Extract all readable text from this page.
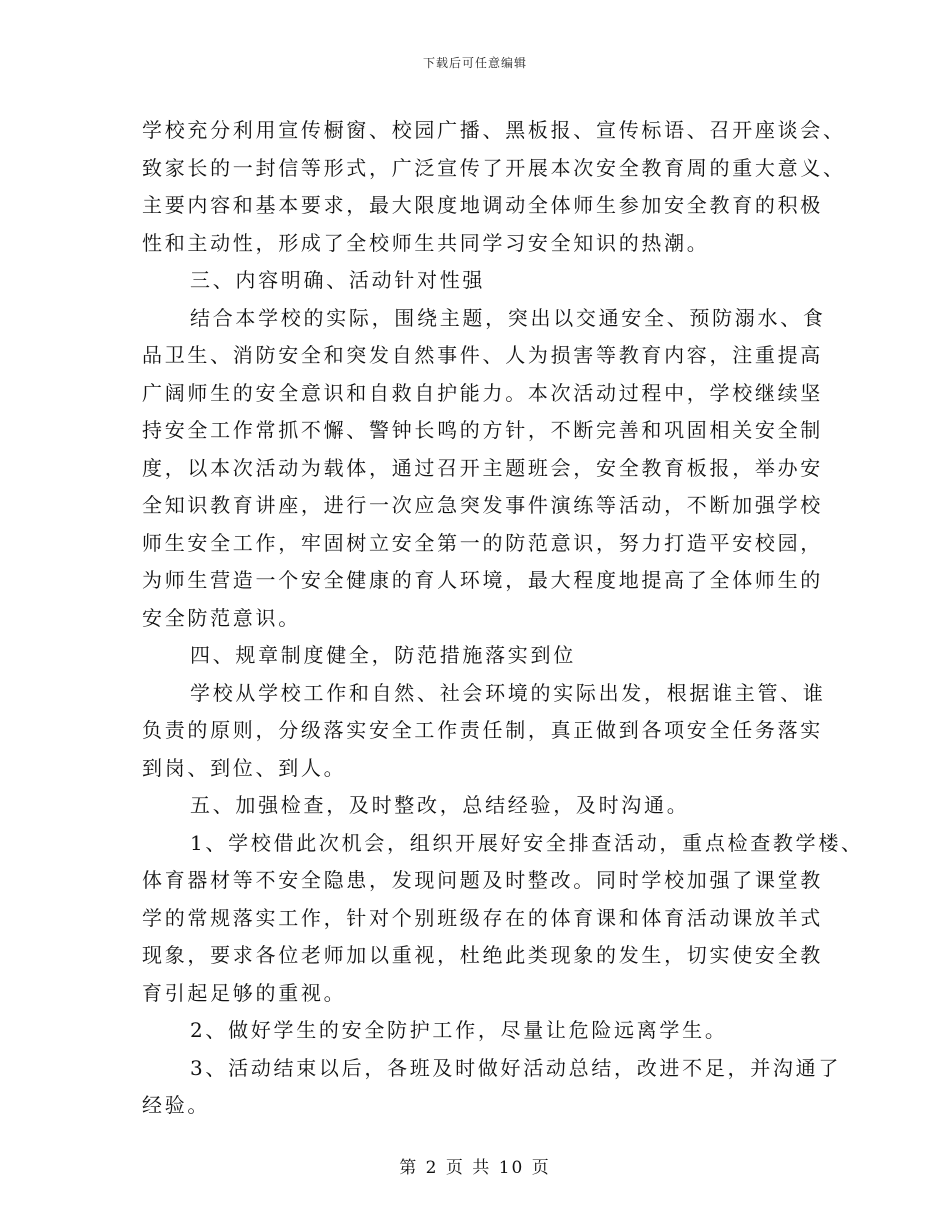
下载后可任意编辑
学校充分利用宣传橱窗、校园广播、黑板报、宣传标语、召开座谈会、
致家长的一封信等形式，广泛宣传了开展本次安全教育周的重大意义、
主要内容和基本要求，最大限度地调动全体师生参加安全教育的积极
性和主动性，形成了全校师生共同学习安全知识的热潮。
三、内容明确、活动针对性强
结合本学校的实际，围绕主题，突出以交通安全、预防溺水、食
品卫生、消防安全和突发自然事件、人为损害等教育内容，注重提高
广阔师生的安全意识和自救自护能力。本次活动过程中，学校继续坚
持安全工作常抓不懈、警钟长鸣的方针，不断完善和巩固相关安全制
度，以本次活动为载体，通过召开主题班会，安全教育板报，举办安
全知识教育讲座，进行一次应急突发事件演练等活动，不断加强学校
师生安全工作，牢固树立安全第一的防范意识，努力打造平安校园，
为师生营造一个安全健康的育人环境，最大程度地提高了全体师生的
安全防范意识。
四、规章制度健全，防范措施落实到位
学校从学校工作和自然、社会环境的实际出发，根据谁主管、谁
负责的原则，分级落实安全工作责任制，真正做到各项安全任务落实
到岗、到位、到人。
五、加强检查，及时整改，总结经验，及时沟通。
1、学校借此次机会，组织开展好安全排查活动，重点检查教学楼、
体育器材等不安全隐患，发现问题及时整改。同时学校加强了课堂教
学的常规落实工作，针对个别班级存在的体育课和体育活动课放羊式
现象，要求各位老师加以重视，杜绝此类现象的发生，切实使安全教
育引起足够的重视。
2、做好学生的安全防护工作，尽量让危险远离学生。
3、活动结束以后，各班及时做好活动总结，改进不足，并沟通了
经验。
第 2 页 共 10 页
